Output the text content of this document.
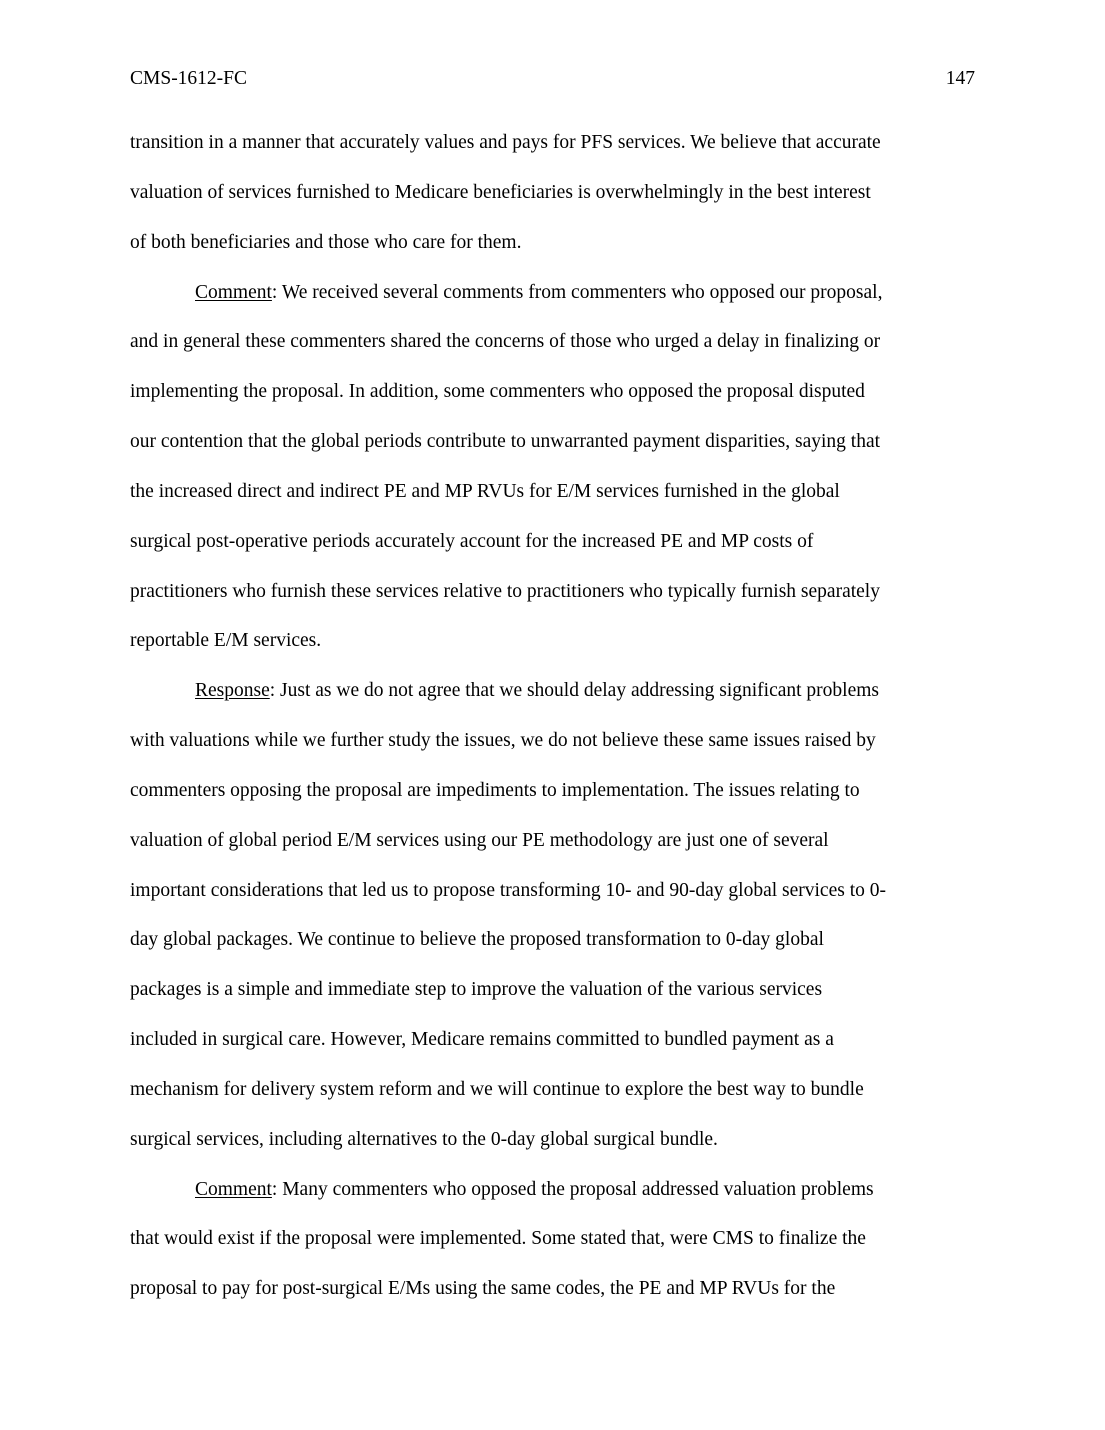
CMS-1612-FC	147
transition in a manner that accurately values and pays for PFS services. We believe that accurate
valuation of services furnished to Medicare beneficiaries is overwhelmingly in the best interest
of both beneficiaries and those who care for them.
Comment: We received several comments from commenters who opposed our proposal,
and in general these commenters shared the concerns of those who urged a delay in finalizing or
implementing the proposal. In addition, some commenters who opposed the proposal disputed
our contention that the global periods contribute to unwarranted payment disparities, saying that
the increased direct and indirect PE and MP RVUs for E/M services furnished in the global
surgical post-operative periods accurately account for the increased PE and MP costs of
practitioners who furnish these services relative to practitioners who typically furnish separately
reportable E/M services.
Response: Just as we do not agree that we should delay addressing significant problems
with valuations while we further study the issues, we do not believe these same issues raised by
commenters opposing the proposal are impediments to implementation. The issues relating to
valuation of global period E/M services using our PE methodology are just one of several
important considerations that led us to propose transforming 10- and 90-day global services to 0-
day global packages. We continue to believe the proposed transformation to 0-day global
packages is a simple and immediate step to improve the valuation of the various services
included in surgical care. However, Medicare remains committed to bundled payment as a
mechanism for delivery system reform and we will continue to explore the best way to bundle
surgical services, including alternatives to the 0-day global surgical bundle.
Comment: Many commenters who opposed the proposal addressed valuation problems
that would exist if the proposal were implemented. Some stated that, were CMS to finalize the
proposal to pay for post-surgical E/Ms using the same codes, the PE and MP RVUs for the
